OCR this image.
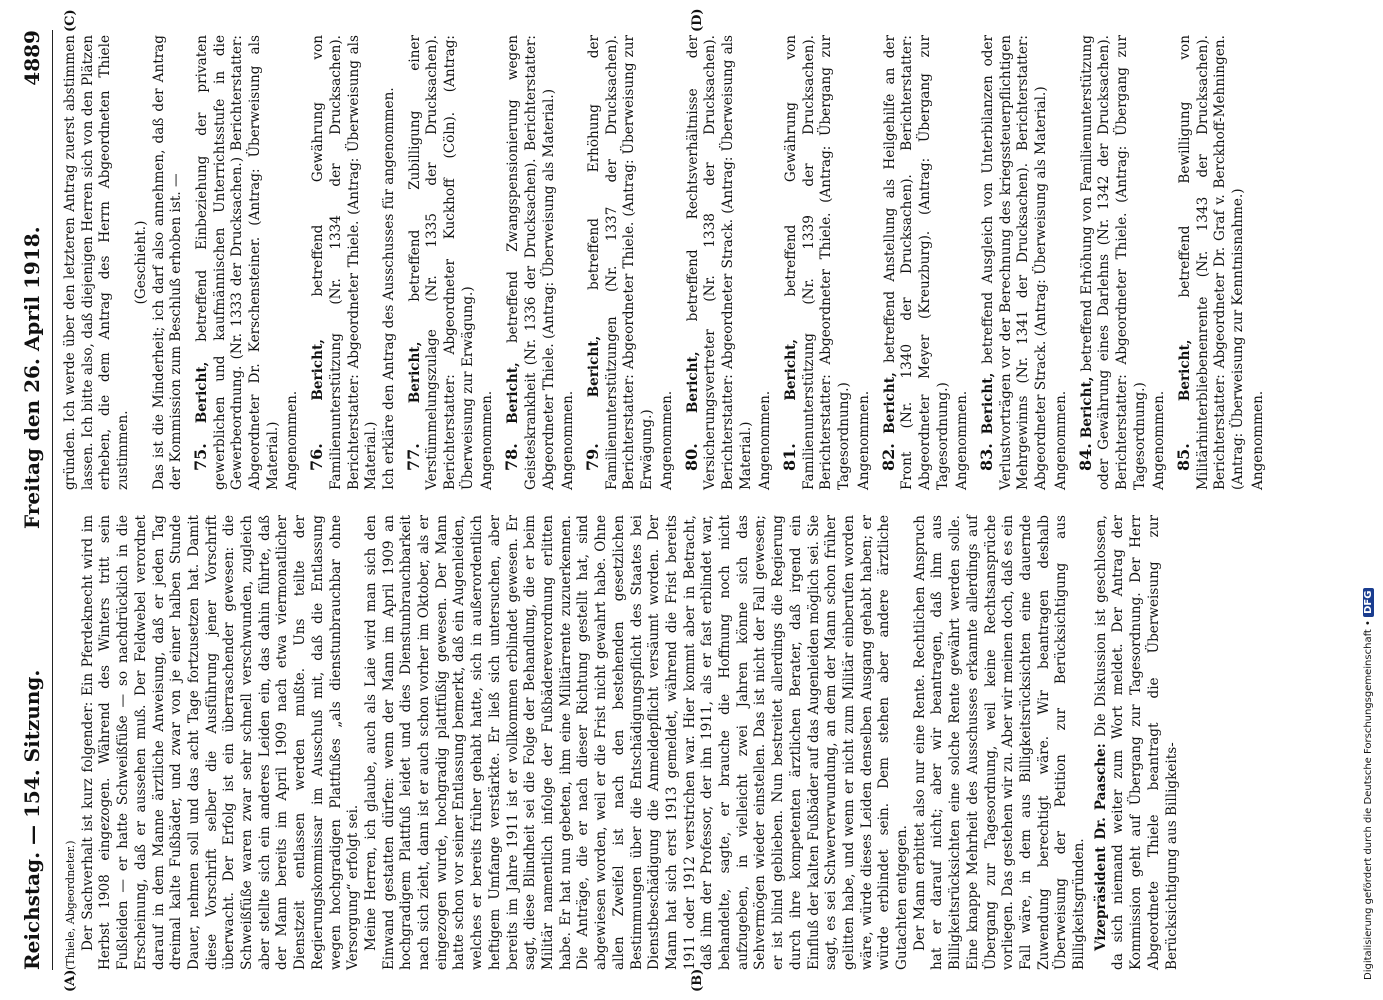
Reichstag. — 154. Sitzung.
Freitag den 26. April 1918.
4889
(A)	(B)
(C)	(D)

(Thiele, Abgeordneter.) Der Sachverhalt ist kurz folgender: Ein Pferdeknecht wird im Herbst 1908 eingezogen. Während des Winters tritt sein Fußleiden — er hatte Schweißfüße — so nachdrücklich in die Erscheinung, daß er aussehen muß. Der Feldwebel verordnet darauf in dem Manne ärztliche Anweisung, daß er jeden Tag dreimal kalte Fußbäder, und zwar von je einer halben Stunde Dauer, nehmen soll und das acht Tage fortzusetzen hat. Damit diese Vorschrift selber die Ausführung jener Vorschrift überwacht. Der Erfolg ist ein überraschender gewesen: die Schweißfüße waren zwar sehr schnell verschwunden, zugleich aber stellte sich ein anderes Leiden ein, das dahin führte, daß der Mann bereits im April 1909 nach etwa viermonatlicher Dienstzeit entlassen werden mußte. Uns teilte der Regierungskommissar im Ausschuß mit, daß die Entlassung wegen hochgradigen Plattfußes „als dienstunbrauchbar ohne Versorgung“ erfolgt sei. Meine Herren, ich glaube, auch als Laie wird man sich den Einwand gestatten dürfen: wenn der Mann im April 1909 an hochgradigem Plattfuß leidet und dies Dienstunbrauchbarkeit nach sich zieht, dann ist er auch schon vorher im Oktober, als er eingezogen wurde, hochgradig plattfüßig gewesen. Der Mann hatte schon vor seiner Entlassung bemerkt, daß ein Augenleiden, welches er bereits früher gehabt hatte, sich in außerordentlich heftigem Umfange verstärkte. Er ließ sich untersuchen, aber bereits im Jahre 1911 ist er vollkommen erblindet gewesen. Er sagt, diese Blindheit sei die Folge der Behandlung, die er beim Militär namentlich infolge der Fußbädereverordnung erlitten habe. Er hat nun gebeten, ihm eine Militärrente zuzuerkennen. Die Anträge, die er nach dieser Richtung gestellt hat, sind abgewiesen worden, weil er die Frist nicht gewahrt habe. Ohne allen Zweifel ist nach den bestehenden gesetzlichen Bestimmungen über die Entschädigungspflicht des Staates bei Dienstbeschädigung die Anmeldepflicht versäumt worden. Der Mann hat sich erst 1913 gemeldet, während die Frist bereits 1911 oder 1912 verstrichen war. Hier kommt aber in Betracht, daß ihm der Professor, der ihn 1911, als er fast erblindet war, behandelte, sagte, er brauche die Hoffnung noch nicht aufzugeben, in vielleicht zwei Jahren könne sich das Sehvermögen wieder einstellen. Das ist nicht der Fall gewesen; er ist blind geblieben. Nun bestreitet allerdings die Regierung durch ihre kompetenten ärztlichen Berater, daß irgend ein Einfluß der kalten Fußbäder auf das Augenleiden möglich sei. Sie sagt, es sei Schwerverwundung, an dem der Mann schon früher gelitten habe, und wenn er nicht zum Militär einberufen worden wäre, würde dieses Leiden denselben Ausgang gehabt haben; er würde erblindet sein. Dem stehen aber andere ärztliche Gutachten entgegen. Der Mann erbittet also nur eine Rente. Rechtlichen Anspruch hat er darauf nicht; aber wir beantragen, daß ihm aus Billigkeitsrücksichten eine solche Rente gewährt werden solle. Eine knappe Mehrheit des Ausschusses erkannte allerdings auf Übergang zur Tagesordnung, weil keine Rechtsansprüche vorliegen. Das gestehen wir zu. Aber wir meinen doch, daß es ein Fall wäre, in dem aus Billigkeitsrücksichten eine dauernde Zuwendung berechtigt wäre. Wir beantragen deshalb Überweisung der Petition zur Berücksichtigung aus Billigkeitsgründen. Vizepräsident Dr. Paasche: Die Diskussion ist geschlossen, da sich niemand weiter zum Wort meldet. Der Antrag der Kommission geht auf Übergang zur Tagesordnung. Der Herr Abgeordnete Thiele beantragt die Überweisung zur Berücksichtigung aus Billigkeits-

gründen. Ich werde über den letzteren Antrag zuerst abstimmen lassen. Ich bitte also, daß diejenigen Herren sich von den Plätzen erheben, die dem Antrag des Herrn Abgeordneten Thiele zustimmen.

(Geschieht.) Das ist die Minderheit; ich darf also annehmen, daß der Antrag der Kommission zum Beschluß erhoben ist. — 75. Bericht, betreffend Einbeziehung der privaten gewerblichen und kaufmännischen Unterrichtsstufe in die Gewerbeordnung. (Nr. 1333 der Drucksachen.) Berichterstatter: Abgeordneter Dr. Kerschensteiner. (Antrag: Überweisung als Material.) Angenommen. 76. Bericht, betreffend Gewährung von Familienunterstützung (Nr. 1334 der Drucksachen). Berichterstatter: Abgeordneter Thiele. (Antrag: Überweisung als Material.) Ich erkläre den Antrag des Ausschusses für angenommen. 77. Bericht, betreffend Zubilligung einer Verstümmelungszulage (Nr. 1335 der Drucksachen). Berichterstatter: Abgeordneter Kuckhoff (Cöln). (Antrag: Überweisung zur Erwägung.) Angenommen. 78. Bericht, betreffend Zwangspensionierung wegen Geisteskrankheit (Nr. 1336 der Drucksachen). Berichterstatter: Abgeordneter Thiele. (Antrag: Überweisung als Material.) Angenommen. 79. Bericht, betreffend Erhöhung der Familienunterstützungen (Nr. 1337 der Drucksachen). Berichterstatter: Abgeordneter Thiele. (Antrag: Überweisung zur Erwägung.) Angenommen. 80. Bericht, betreffend Rechtsverhältnisse der Versicherungsvertreter (Nr. 1338 der Drucksachen). Berichterstatter: Abgeordneter Strack. (Antrag: Überweisung als Material.) Angenommen. 81. Bericht, betreffend Gewährung von Familienunterstützung (Nr. 1339 der Drucksachen). Berichterstatter: Abgeordneter Thiele. (Antrag: Übergang zur Tagesordnung.) Angenommen. 82. Bericht, betreffend Anstellung als Heilgehilfe an der Front (Nr. 1340 der Drucksachen). Berichterstatter: Abgeordneter Meyer (Kreuzburg). (Antrag: Übergang zur Tagesordnung.) Angenommen. 83. Bericht, betreffend Ausgleich von Unterbilanzen oder Verlustvorträgen vor der Berechnung des kriegssteuerpflichtigen Mehrgewinns (Nr. 1341 der Drucksachen). Berichterstatter: Abgeordneter Strack. (Antrag: Überweisung als Material.) Angenommen. 84. Bericht, betreffend Erhöhung von Familienunterstützung oder Gewährung eines Darlehns (Nr. 1342 der Drucksachen). Berichterstatter: Abgeordneter Thiele. (Antrag: Übergang zur Tagesordnung.) Angenommen. 85. Bericht, betreffend Bewilligung von Militärhinterbliebenenrente (Nr. 1343 der Drucksachen). Berichterstatter: Abgeordneter Dr. Graf v. Berckhoff-Mehningen. (Antrag: Überweisung zur Kenntnisnahme.) Angenommen.

Digitalisierung gefördert durch die Deutsche Forschungsgemeinschaft • DFG
